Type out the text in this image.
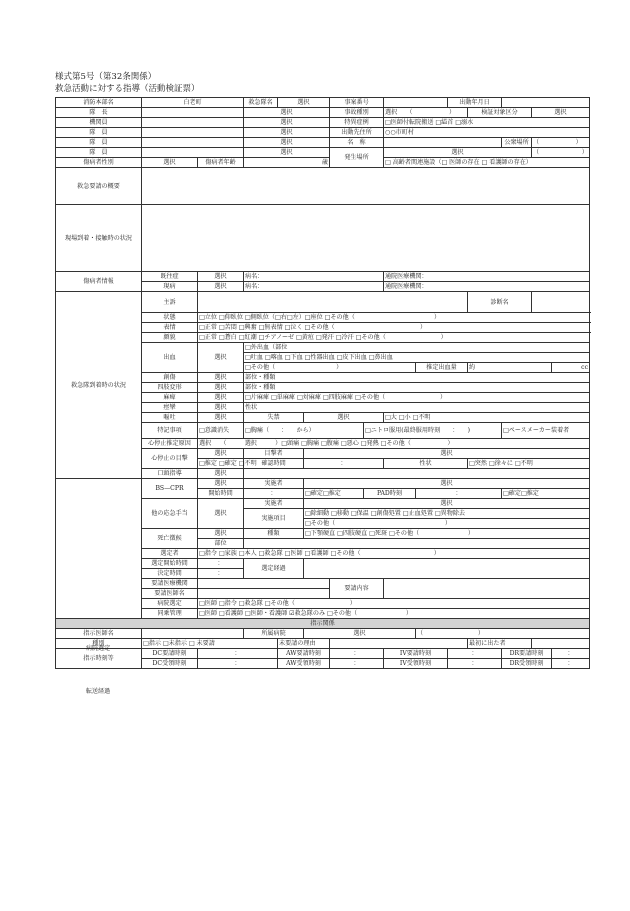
様式第5号（第32条関係）
救急活動に対する指導（活動検証票）
消防本部名	白老町		救急隊名	選択		事案番号				出動年月日				
隊　長			選択			事故種別		選択　　（　　　　　　）			検証対象区分		選択	
機関員			選択			特異症例		□医師付転院搬送 □縊首 □溺水						
隊　員			選択			出動先住所		○○市町村						
隊　員			選択			名　称						公衆場所	（　　　　　　）	
隊　員			選択			発生場所		選択					（　　　　　　　）	
傷病者性別	選択	傷病者年齢	歳					□ 高齢者関連施設（□ 医師の存在 □ 看護師の存在）						
救急要請の概要														
現場到着・接触時の状況														
傷病者情報	既往症	選択	病名：					通院医療機関：						
	現病	選択	病名：					通院医療機関：						
救急隊到着時の状況	主訴										診断名			
	状態	□立位 □仰臥位 □側臥位（□右□左）□座位 □その他（　　　　　　　　　　　　　）												
	表情	□正常 □苦悶 □興奮 □無表情 □泣く □その他（　　　　　　　　　　　　　　）												
	顔貌	□正常 □蒼白 □紅潮 □チアノーゼ □黄疸 □発汗 □冷汗 □その他（　　　　　　　　　）												
	出血	選択	□外出血（部位											
			□吐血 □喀血 □下血 □性器出血 □皮下出血 □鼻出血											
			□その他（　　　　　　　　　　）						推定出血量		約			cc
	創傷	選択	部位・種類											
	四肢変形	選択	部位・種類											
	麻痺	選択	□片麻痺 □単麻痺 □対麻痺 □四肢麻痺 □その他（　　　　　　　　　）											
	痙攣	選択	性状											
	嘔吐	選択	失禁		選択			□大 □小 □不明						
	特記事項	□意識消失	□胸痛（　　：　　から）				□ニトロ服用(最終服用時刻　　：　　)					□ペースメーカー装着者		
	心停止推定原因	選択　　（　　　選択　　　）□頭痛 □胸痛 □腹痛 □悪心 □発熱 □その他（　　　　　　）												
	心停止の目撃	選択	目撃者		選択									
		□推定 □確定 □不明	確認時間		：			性状			□突然 □徐々に □不明			
	口頭指導	選択												
	BS—CPR	選択	実施者		選択									
		開始時間	：		□確定□推定		PAD時刻		：			□確定□推定		
	他の応急手当	選択	実施者		選択									
			実施項目		□除細動 □移動 □保温 □創傷処置 □止血処置 □異物除去									
					□その他（　　　　　　　　　　　　　　　　　　）									
	死亡徴候	選択	種類		□下顎硬直 □四肢硬直 □死斑 □その他（　　　　　　　　）									
		部位												
	選定者	□指令 □家族 □本人 □救急隊 □医師 □看護師 □その他（　　　　　　　　　　　　）												
	選定開始時間	：	選定経過											
	決定時間	：												
	要請医療機関					要請内容								
	要請医師名													
	病院選定	□医師 □指令 □救急隊 □その他（　　　　　　　　　）												
	同乗管理	□医師 □看護師 □医師・看護師 ☑救急隊のみ □その他（　　　　　　　　）												
指示関係														
指示医師名			所属病院		選択				（　　　　　　　　　）					
種別	□指示 □未指示 □ 未要請			未要請の理由							最初に出た者			
指示時刻等	DC要請時刻	：		AW要請時刻		：		IV要請時刻		：		DR要請時刻		：
	DC受領時刻	：		AW受領時刻		：		IV受領時刻		：		DR受領時刻		：
病院選定
転送経過
